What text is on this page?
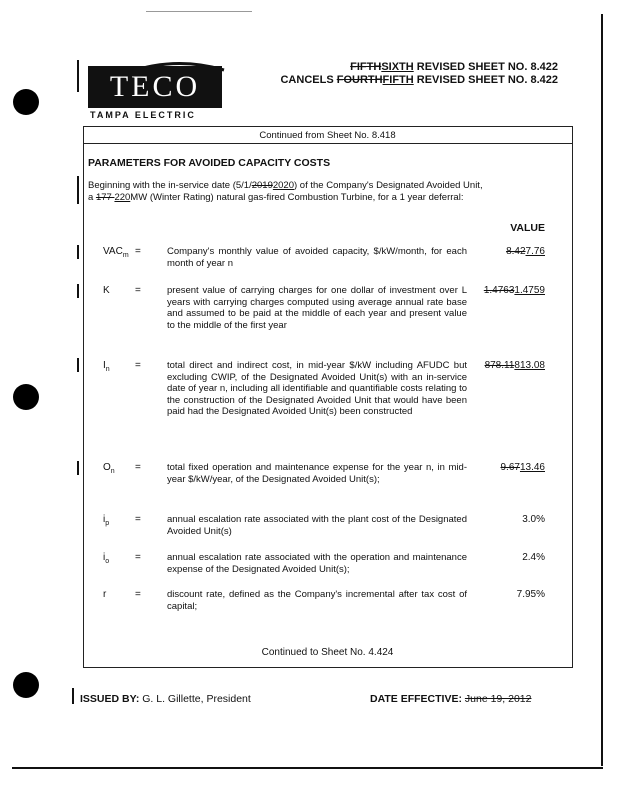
TECO
TAMPA ELECTRIC
FIFTHSIXTH REVISED SHEET NO. 8.422
CANCELS FOURTHFIFTH REVISED SHEET NO. 8.422
Continued from Sheet No. 8.418
PARAMETERS FOR AVOIDED CAPACITY COSTS
Beginning with the in-service date (5/1/20192020) of the Company's Designated Avoided Unit,
a 177 220MW (Winter Rating) natural gas-fired Combustion Turbine, for a 1 year deferral:
VALUE
$VAC_m$ =	Company's monthly value of avoided capacity, $/kW/month, for each month of year n
8.427.76
K	=	present value of carrying charges for one dollar of investment over L years with carrying charges computed using average annual rate base and assumed to be paid at the middle of each year and present value to the middle of the first year
1.47631.4759
$I_n$	=	total direct and indirect cost, in mid-year $/kW including AFUDC but excluding CWIP, of the Designated Avoided Unit(s) with an in-service date of year n, including all identifiable and quantifiable costs relating to the construction of the Designated Avoided Unit that would have been paid had the Designated Avoided Unit(s) been constructed
878.11813.08
$O_n$ =	total fixed operation and maintenance expense for the year n, in mid-year $/kW/year, of the Designated Avoided Unit(s);
9.6713.46
$i_p$	=	annual escalation rate associated with the plant cost of the Designated Avoided Unit(s)
3.0%
$i_o$	=	annual escalation rate associated with the operation and maintenance expense of the Designated Avoided Unit(s);
2.4%
r	=	discount rate, defined as the Company's incremental after tax cost of capital;
7.95%
Continued to Sheet No. 4.424
ISSUED BY: G. L. Gillette, President	DATE EFFECTIVE: June 19, 2012
